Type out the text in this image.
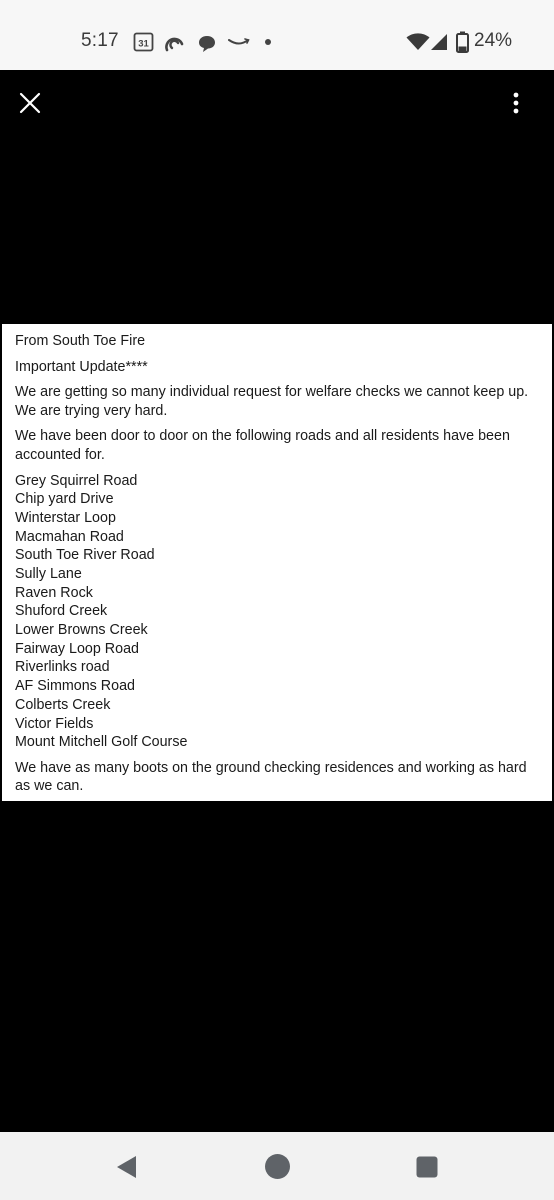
5:17 31	24%

From South Toe Fire

Important Update****

We are getting so many individual request for welfare checks we cannot keep up. We are trying very hard.

We have been door to door on the following roads and all residents have been accounted for.

Grey Squirrel Road
Chip yard Drive
Winterstar Loop
Macmahan Road
South Toe River Road
Sully Lane
Raven Rock
Shuford Creek
Lower Browns Creek
Fairway Loop Road
Riverlinks road
AF Simmons Road
Colberts Creek
Victor Fields
Mount Mitchell Golf Course

We have as many boots on the ground checking residences and working as hard as we can.
